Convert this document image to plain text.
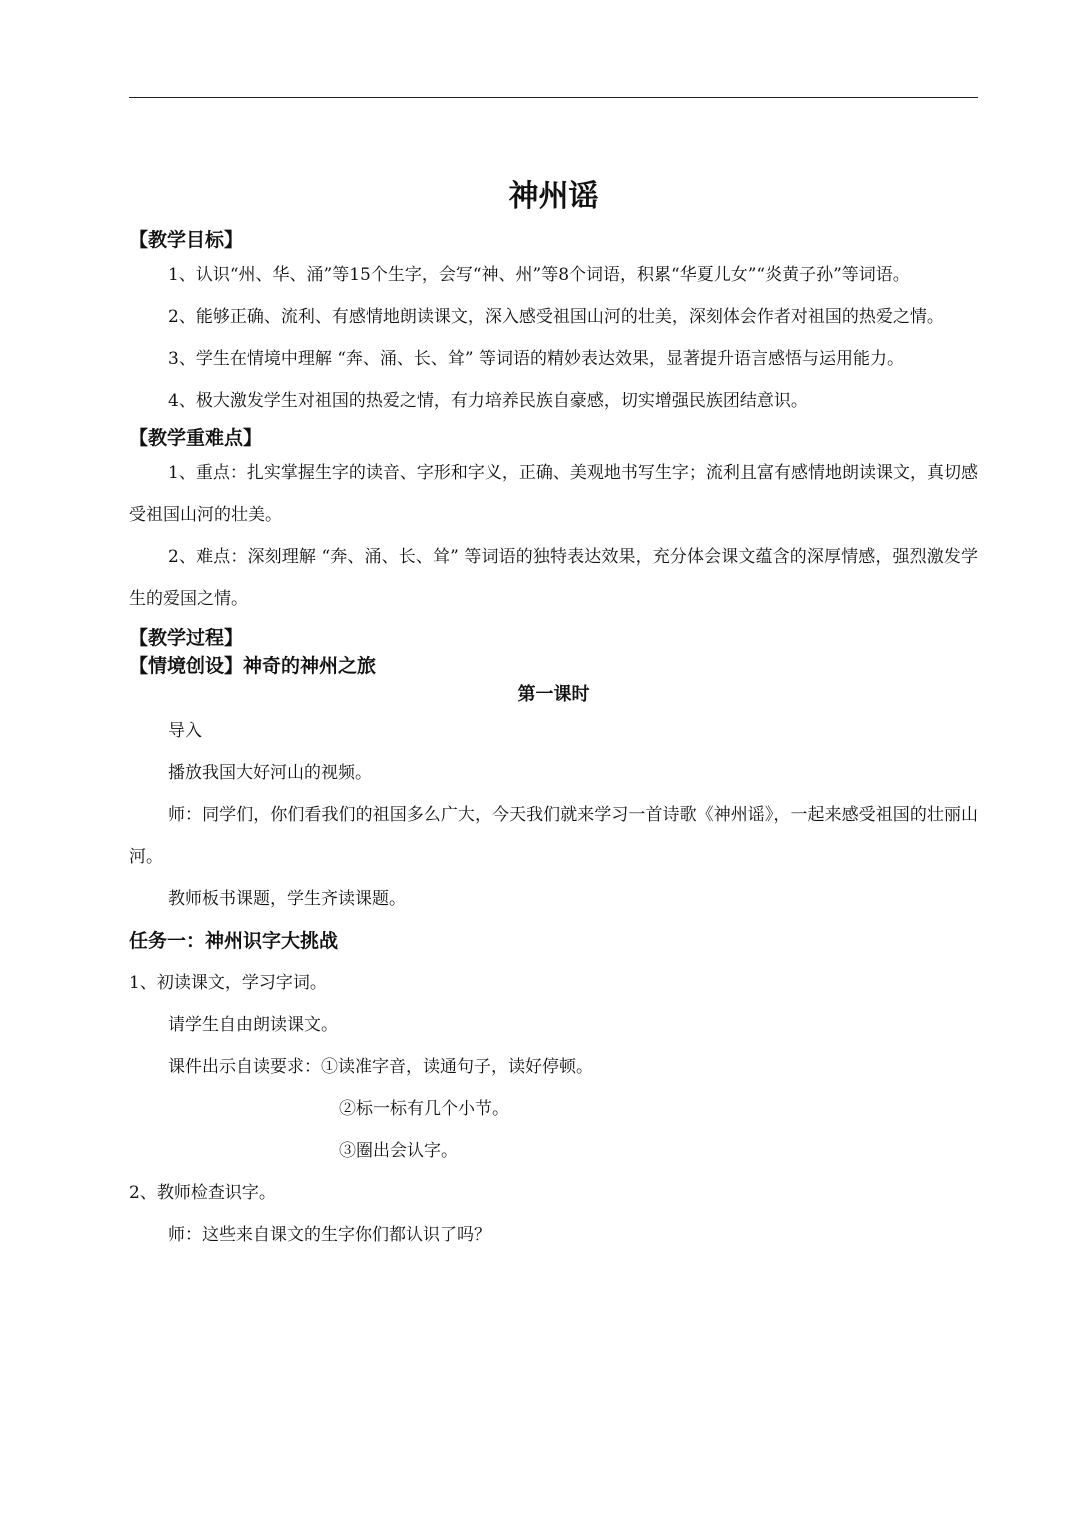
神州谣
【教学目标】

1、认识“州、华、涌”等15个生字，会写“神、州”等8个词语，积累“华夏儿女”“炎黄子孙”等词语。

2、能够正确、流利、有感情地朗读课文，深入感受祖国山河的壮美，深刻体会作者对祖国的热爱之情。

3、学生在情境中理解 “奔、涌、长、耸” 等词语的精妙表达效果，显著提升语言感悟与运用能力。

4、极大激发学生对祖国的热爱之情，有力培养民族自豪感，切实增强民族团结意识。

【教学重难点】

1、重点：扎实掌握生字的读音、字形和字义，正确、美观地书写生字；流利且富有感情地朗读课文，真切感受祖国山河的壮美。

2、难点：深刻理解 “奔、涌、长、耸” 等词语的独特表达效果，充分体会课文蕴含的深厚情感，强烈激发学生的爱国之情。

【教学过程】
【情境创设】神奇的神州之旅
第一课时

导入

播放我国大好河山的视频。

师：同学们，你们看我们的祖国多么广大，今天我们就来学习一首诗歌《神州谣》，一起来感受祖国的壮丽山河。

教师板书课题，学生齐读课题。

任务一：神州识字大挑战

1、初读课文，学习字词。

请学生自由朗读课文。

课件出示自读要求：①读准字音，读通句子，读好停顿。

②标一标有几个小节。

③圈出会认字。

2、教师检查识字。

师：这些来自课文的生字你们都认识了吗？
